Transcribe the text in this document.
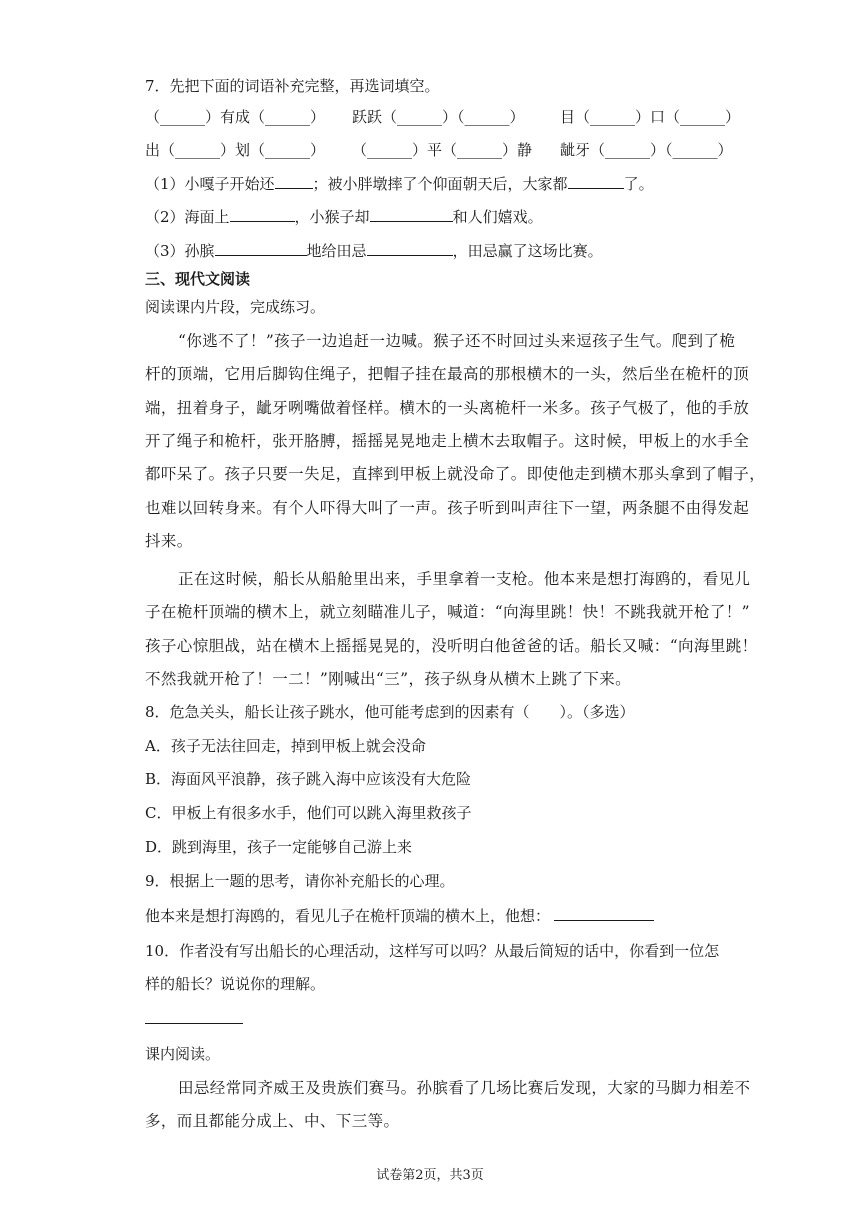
7．先把下面的词语补充完整，再选词填空。
（______）有成（______） 跃跃（______）（______） 目（______）口（______）
出（______）划（______） （______）平（______）静 龇牙（______）（______）
（1）小嘎子开始还	；被小胖墩摔了个仰面朝天后，大家都	了。
（2）海面上	，小猴子却	和人们嬉戏。
（3）孙膑	地给田忌	，田忌赢了这场比赛。
三、现代文阅读
阅读课内片段，完成练习。
“你逃不了！”孩子一边追赶一边喊。猴子还不时回过头来逗孩子生气。爬到了桅
杆的顶端，它用后脚钩住绳子，把帽子挂在最高的那根横木的一头，然后坐在桅杆的顶
端，扭着身子，龇牙咧嘴做着怪样。横木的一头离桅杆一米多。孩子气极了，他的手放
开了绳子和桅杆，张开胳膊，摇摇晃晃地走上横木去取帽子。这时候，甲板上的水手全
都吓呆了。孩子只要一失足，直摔到甲板上就没命了。即使他走到横木那头拿到了帽子，
也难以回转身来。有个人吓得大叫了一声。孩子听到叫声往下一望，两条腿不由得发起
抖来。
正在这时候，船长从船舱里出来，手里拿着一支枪。他本来是想打海鸥的，看见儿
子在桅杆顶端的横木上，就立刻瞄准儿子，喊道：“向海里跳！快！不跳我就开枪了！”
孩子心惊胆战，站在横木上摇摇晃晃的，没听明白他爸爸的话。船长又喊：“向海里跳！
不然我就开枪了！一二！”刚喊出“三”，孩子纵身从横木上跳了下来。
8．危急关头，船长让孩子跳水，他可能考虑到的因素有（　　）。（多选）
A．孩子无法往回走，掉到甲板上就会没命
B．海面风平浪静，孩子跳入海中应该没有大危险
C．甲板上有很多水手，他们可以跳入海里救孩子
D．跳到海里，孩子一定能够自己游上来
9．根据上一题的思考，请你补充船长的心理。
他本来是想打海鸥的，看见儿子在桅杆顶端的横木上，他想：
10．作者没有写出船长的心理活动，这样写可以吗？从最后简短的话中，你看到一位怎
样的船长？说说你的理解。
课内阅读。
田忌经常同齐威王及贵族们赛马。孙膑看了几场比赛后发现，大家的马脚力相差不
多，而且都能分成上、中、下三等。
试卷第2页，共3页
